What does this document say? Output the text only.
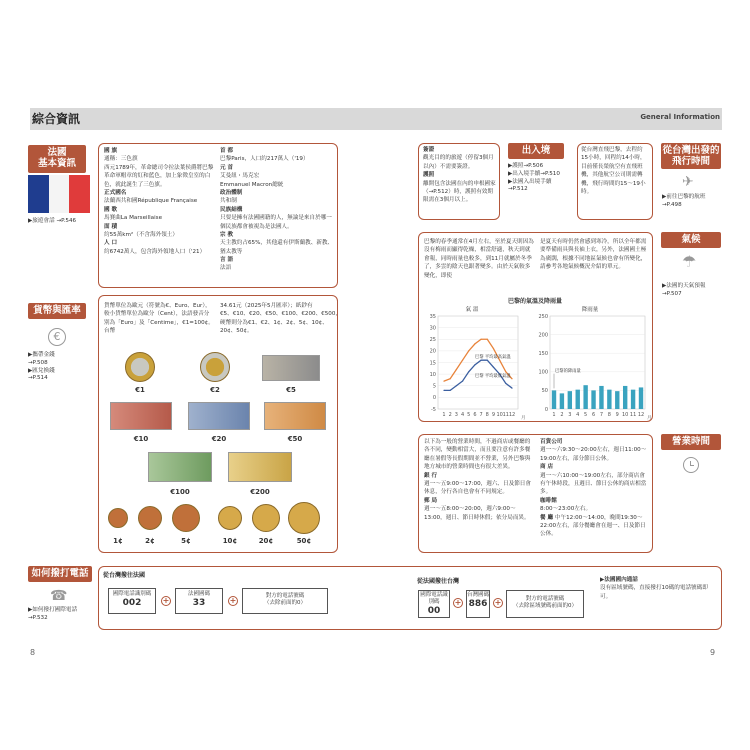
綜合資訊	General Information
法國
基本資訊
▶旅遊會話 →P.546
國 旗
通稱：三色旗
西元1789年，革命總司令拉法葉侯爵將巴黎革命軍帽章的紅和藍色，加上象徵皇室的白色，就此誕生了三色旗。
正式國名
法蘭西共和國République Française
國 歌
馬賽曲La Marseillaise
面 積
約55萬km²（不含海外領土）
人 口
約6742萬人，包含海外領地人口（'21）
首 都
巴黎Paris，人口約217萬人（'19）
元 首
艾曼紐・馬克宏
Emmanuel Macron總統
政治體制
共和制
民族結構
只要是擁有法國國籍的人，無論是來自於哪一個民族都會被視為是法國人。
宗 教
天主教約占65%，其他還有伊斯蘭教、新教、猶太教等
言 語
法語
貨幣與匯率
€
▶攜帶金錢
→P.508
▶匯兌換錢
→P.514
貨幣單位為歐元（符號為€、Euro、Eur），較小貨幣單位為歐分（Cent），法語發音分別為「Euro」及「Centime」，€1=100¢。台幣
34.61元（2025年5月匯率）；紙鈔有€5、€10、€20、€50、€100、€200、€500，硬幣則分為€1、€2、1¢、2¢、5¢、10¢、20¢、50¢。
€1	€2	€5
€10	€20	€50
€100	€200
1¢	2¢	5¢	10¢	20¢	50¢
如何撥打電話
☎
▶如何撥打國際電話
→P.532
從台灣撥往法國
國際電話識別碼
002	+
法國國碼
33	+	對方的電話號碼
（去除前面的0）
8
簽證
觀光目的的旅遊（停留3個月以內）不需要簽證。
護照
離開包含法國在內的申根國家（→P.512）時，護照有效期限需在3個月以上。
出入境
▶護照→P.506
▶出入境手續→P.510
▶法國入出境手續
→P.512
從台灣直飛巴黎，去程約15小時，回程約14小時，目前僅長榮航空有直飛班機，其他航空公司則需轉機，飛行時間約15〜19小時。
從台灣出發的
飛行時間
✈
▶前往巴黎的航班
→P.498
巴黎的春季通常在4月左右，至於夏天則因為沒有梅雨而顯得乾燥，相當舒適，秋天到就會報，同時雨量也較多，到11月就屬於冬季了，多雲的陰天也跟著變多。由於天氣較多變化，即使
是夏天有時仍然會感到寒冷，所以全年都需要準備雨具與長袖上衣，另外，法國國土極為廣闊，根據不同地區氣候也會有所變化，請參考各地氣候概況介紹的單元。
氣候
☂
▶法國的天氣預報
→P.507
巴黎的氣溫及降雨量
氣 溫	降雨量
-5
0
5
10
15
20
25
30
35
1 2 3 4 5 6 7 8 9 10 11 12
月
巴黎 平均最高氣溫
巴黎 平均最低氣溫
0
50
100
150
200
250
1 2 3 4 5 6 7 8 9 10 11 12
月
巴黎的降雨量
以下為一般的營業時間，不過商店或餐廳的各不同，變動相當大，而且要注意有許多餐廳在暑假等長假期間並不營業，另外巴黎與地方城市的營業時間也有很大差異。
銀 行
週一〜五9:00〜17:00，週六、日及節日會休息，分行各自也會有不同規定。
郵 局
週一〜五8:00〜20:00，週六9:00〜13:00，週日、節日時休假；依分局而異。
百貨公司
週一〜六9:30〜20:00左右，週日11:00〜19:00左右，部分節日公休。
商 店
週一〜六10:00〜19:00左右，部分商店會有午休時段，且週日、節日公休的商店相當多。
咖啡館
8:00〜23:00左右。
餐 廳 中午12:00〜14:00，晚間19:30〜22:00左右，部分餐廳會在週一、日及節日公休。
營業時間
從法國撥往台灣
國際電話識別碼
00
+
台灣國碼
886 +	對方的電話號碼
（去除區域號碼前面的0）
▶法國國內通話
沒有區域號碼，直接撥打10碼的電話號碼即可。
9
